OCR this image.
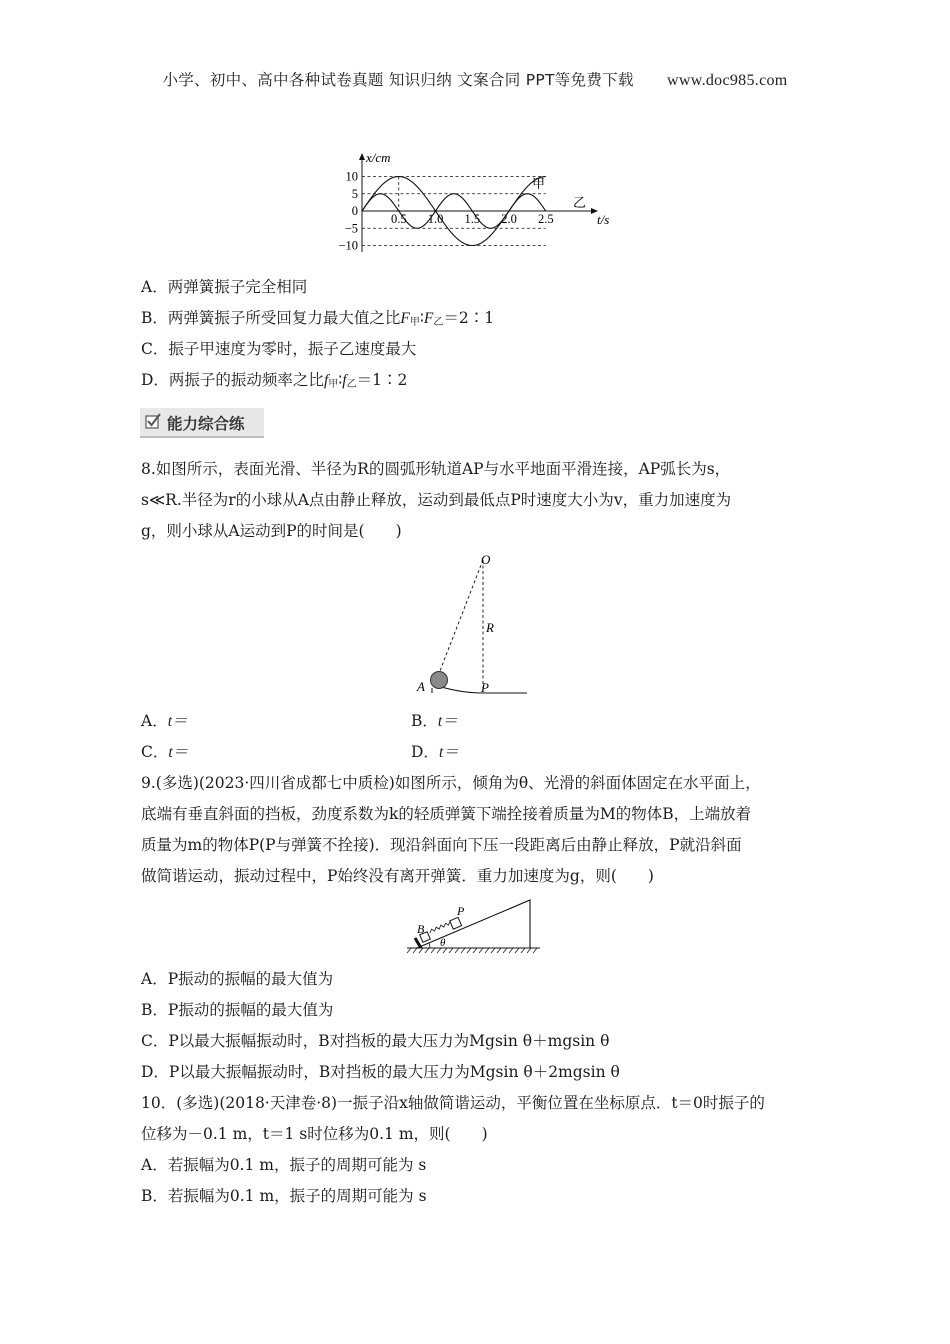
小学、初中、高中各种试卷真题 知识归纳 文案合同 PPT等免费下载 www.doc985.com
10
5
0
−5
−10
0.5 1.0 1.5 2.0 2.5
x/cm
t/s
甲
乙
A．两弹簧振子完全相同
B．两弹簧振子所受回复力最大值之比$F_甲∶F_乙=2∶1$
C．振子甲速度为零时，振子乙速度最大
D．两振子的振动频率之比$f_甲∶f_乙=1∶2$
能力综合练
8.如图所示，表面光滑、半径为R的圆弧形轨道AP与水平地面平滑连接，AP弧长为s，
s≪R.半径为r的小球从A点由静止释放，运动到最低点P时速度大小为v，重力加速度为
g，则小球从A运动到P的时间是(　　)
O
R
A	P
A．t＝	B．t＝
C．t＝	D．t＝
9.(多选)(2023·四川省成都七中质检)如图所示，倾角为θ、光滑的斜面体固定在水平面上，
底端有垂直斜面的挡板，劲度系数为k的轻质弹簧下端拴接着质量为M的物体B，上端放着
质量为m的物体P(P与弹簧不拴接)．现沿斜面向下压一段距离后由静止释放，P就沿斜面
做简谐运动，振动过程中，P始终没有离开弹簧．重力加速度为g，则(　　)
B
P
θ
A．P振动的振幅的最大值为
B．P振动的振幅的最大值为
C．P以最大振幅振动时，B对挡板的最大压力为Mgsin θ＋mgsin θ
D．P以最大振幅振动时，B对挡板的最大压力为Mgsin θ＋2mgsin θ
10．(多选)(2018·天津卷·8)一振子沿x轴做简谐运动，平衡位置在坐标原点．t＝0时振子的
位移为－0.1 m，t＝1 s时位移为0.1 m，则(　　)
A．若振幅为0.1 m，振子的周期可能为 s
B．若振幅为0.1 m，振子的周期可能为 s
